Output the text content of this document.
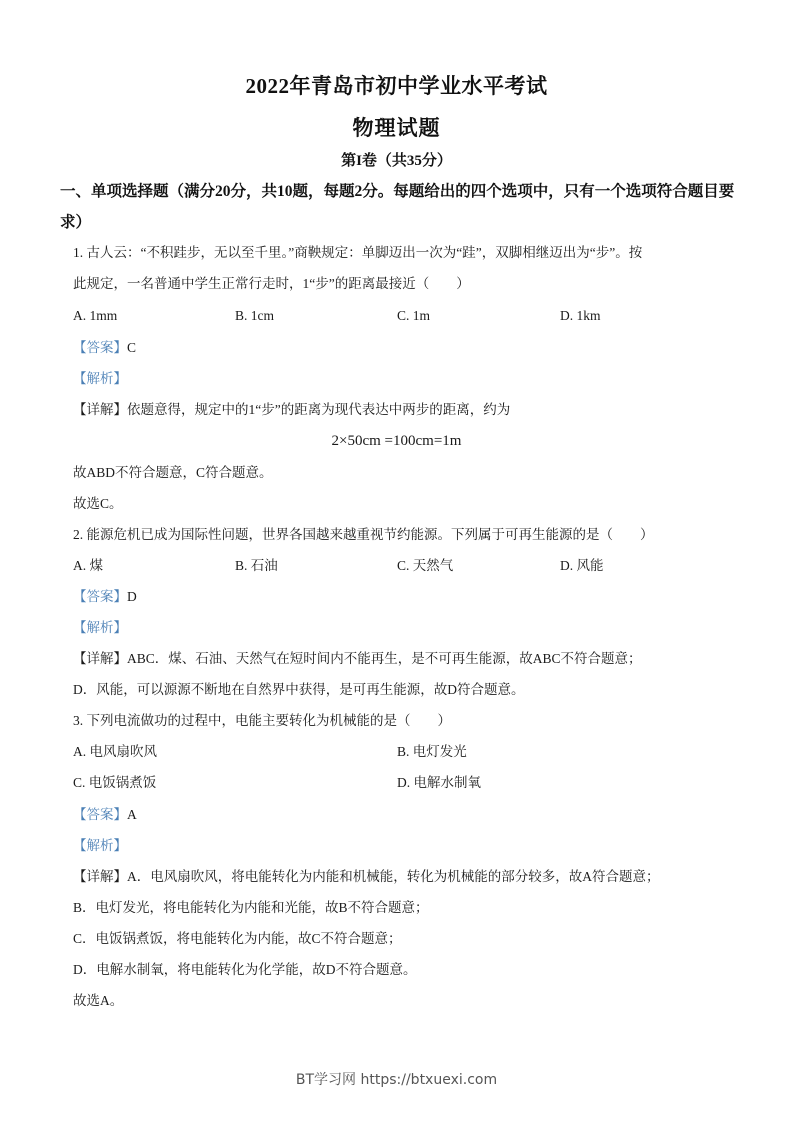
2022年青岛市初中学业水平考试
物理试题
第I卷（共35分）
一、单项选择题（满分20分，共10题，每题2分。每题给出的四个选项中，只有一个选项符合题目要求）
1. 古人云：“不积跬步，无以至千里。”商鞅规定：单脚迈出一次为“跬”，双脚相继迈出为“步”。按
此规定，一名普通中学生正常行走时，1“步”的距离最接近（　　）
A. 1mm	B. 1cm	C. 1m	D. 1km
【答案】C
【解析】
【详解】依题意得，规定中的1“步”的距离为现代表达中两步的距离，约为
2×50cm =100cm=1m
故ABD不符合题意，C符合题意。
故选C。
2. 能源危机已成为国际性问题，世界各国越来越重视节约能源。下列属于可再生能源的是（　　）
A. 煤	B. 石油	C. 天然气	D. 风能
【答案】D
【解析】
【详解】ABC．煤、石油、天然气在短时间内不能再生，是不可再生能源，故ABC不符合题意；
D．风能，可以源源不断地在自然界中获得，是可再生能源，故D符合题意。
3. 下列电流做功的过程中，电能主要转化为机械能的是（　　）
A. 电风扇吹风	B. 电灯发光
C. 电饭锅煮饭	D. 电解水制氧
【答案】A
【解析】
【详解】A．电风扇吹风，将电能转化为内能和机械能，转化为机械能的部分较多，故A符合题意；
B．电灯发光，将电能转化为内能和光能，故B不符合题意；
C．电饭锅煮饭，将电能转化为内能，故C不符合题意；
D．电解水制氧，将电能转化为化学能，故D不符合题意。
故选A。
BT学习网 https://btxuexi.com
